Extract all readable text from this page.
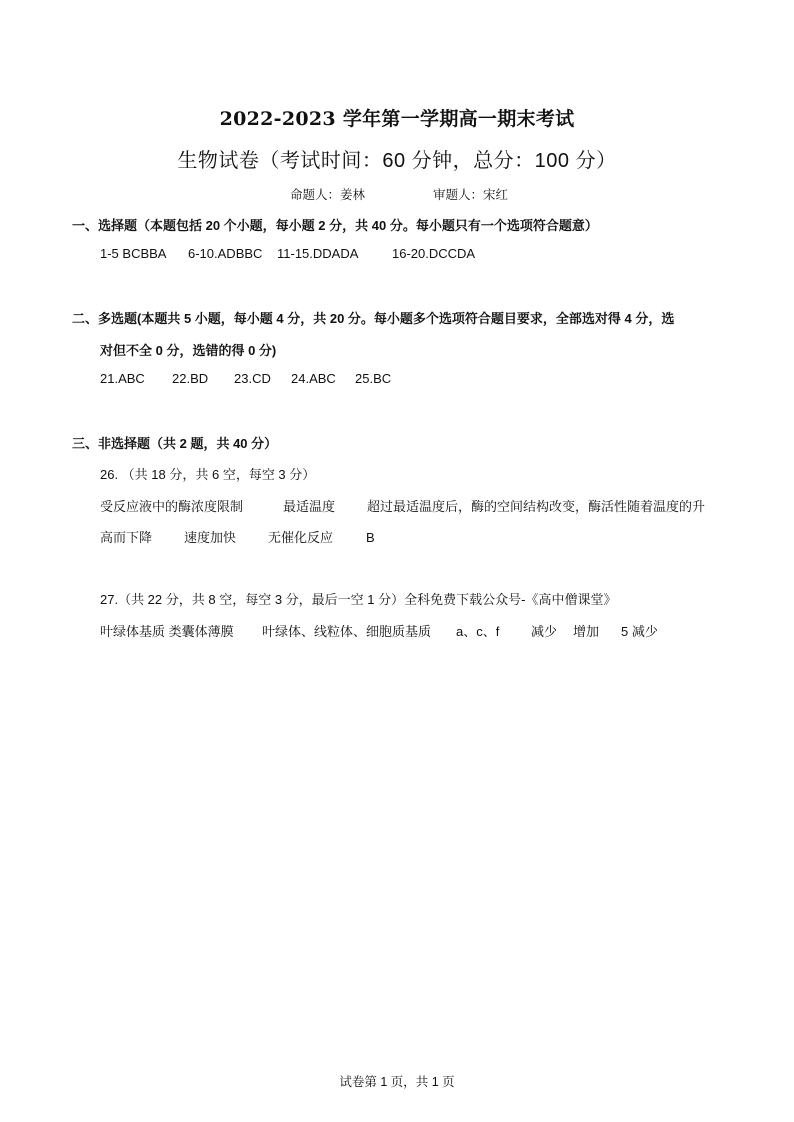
2022-2023 学年第一学期高一期末考试
生物试卷（考试时间：60 分钟，总分：100 分）
命题人：姜林	审题人：宋红
一、选择题（本题包括 20 个小题，每小题 2 分，共 40 分。每小题只有一个选项符合题意）
1-5 BCBBA 6-10.ADBBC 11-15.DDADA	16-20.DCCDA
二、多选题(本题共 5 小题，每小题 4 分，共 20 分。每小题多个选项符合题目要求，全部选对得 4 分，选
对但不全 0 分，选错的得 0 分)
21.ABC 22.BD 23.CD 24.ABC 25.BC
三、非选择题（共 2 题，共 40 分）
26. （共 18 分，共 6 空，每空 3 分）
受反应液中的酶浓度限制	最适温度 超过最适温度后，酶的空间结构改变，酶活性随着温度的升
高而下降 速度加快 无催化反应	B
27.（共 22 分，共 8 空，每空 3 分，最后一空 1 分）全科免费下载公众号-《高中僧课堂》
叶绿体基质 类囊体薄膜 叶绿体、线粒体、细胞质基质 a、c、f 减少 增加 5 减少
试卷第 1 页，共 1 页
